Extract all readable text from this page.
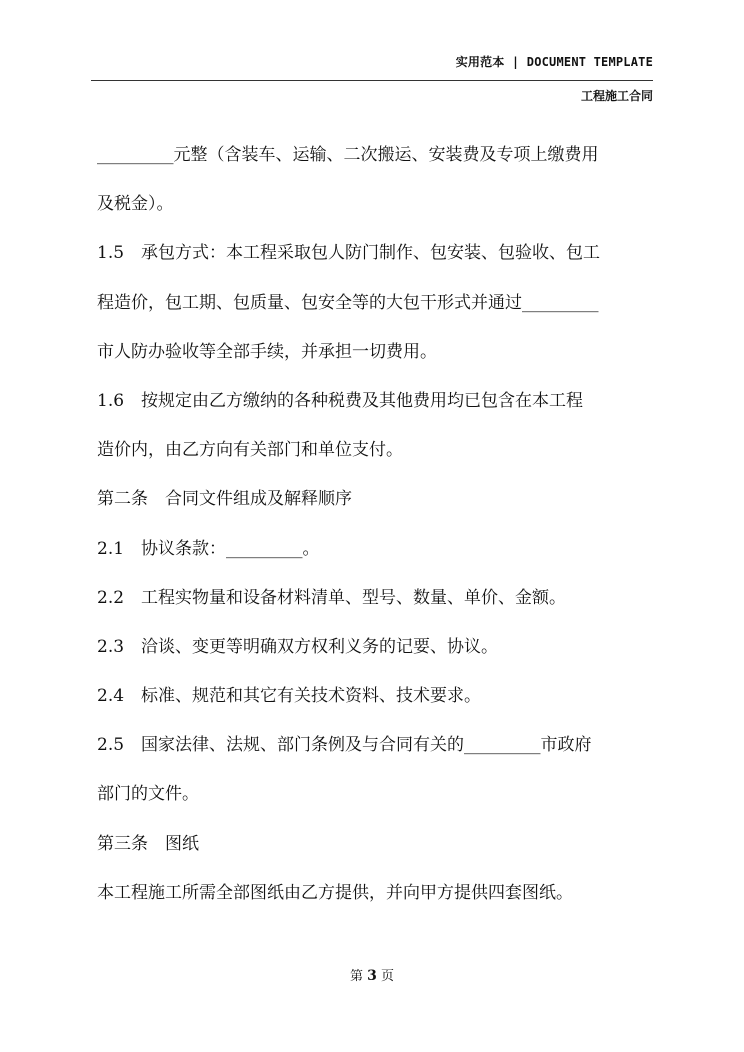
实用范本 | DOCUMENT TEMPLATE
工程施工合同
_________元整（含装车、运输、二次搬运、安装费及专项上缴费用
及税金）。
1.5　承包方式：本工程采取包人防门制作、包安装、包验收、包工
程造价，包工期、包质量、包安全等的大包干形式并通过_________
市人防办验收等全部手续，并承担一切费用。
1.6　按规定由乙方缴纳的各种税费及其他费用均已包含在本工程
造价内，由乙方向有关部门和单位支付。
第二条　合同文件组成及解释顺序
2.1　协议条款：_________。
2.2　工程实物量和设备材料清单、型号、数量、单价、金额。
2.3　洽谈、变更等明确双方权利义务的记要、协议。
2.4　标准、规范和其它有关技术资料、技术要求。
2.5　国家法律、法规、部门条例及与合同有关的_________市政府
部门的文件。
第三条　图纸
本工程施工所需全部图纸由乙方提供，并向甲方提供四套图纸。
第 3 页
